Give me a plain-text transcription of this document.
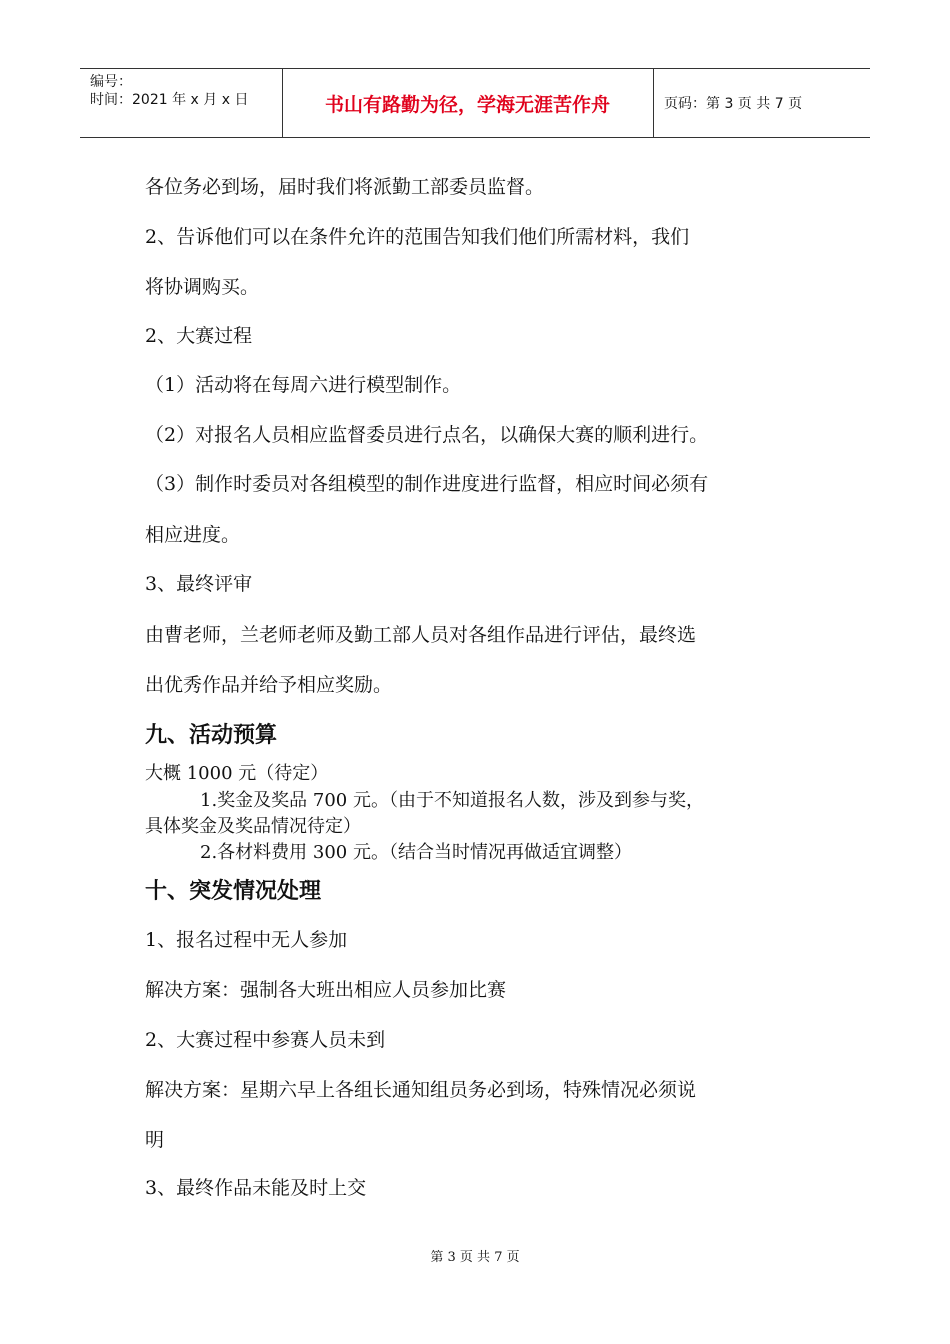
编号：
时间：2021 年 x 月 x 日	书山有路勤为径，学海无涯苦作舟	页码：第 3 页 共 7 页
各位务必到场，届时我们将派勤工部委员监督。
2、告诉他们可以在条件允许的范围告知我们他们所需材料，我们
将协调购买。
2、大赛过程
（1）活动将在每周六进行模型制作。
（2）对报名人员相应监督委员进行点名，以确保大赛的顺利进行。
（3）制作时委员对各组模型的制作进度进行监督，相应时间必须有
相应进度。
3、最终评审
由曹老师，兰老师老师及勤工部人员对各组作品进行评估，最终选
出优秀作品并给予相应奖励。
九、活动预算
大概 1000 元（待定）
1.奖金及奖品 700 元。（由于不知道报名人数，涉及到参与奖，
具体奖金及奖品情况待定）
2.各材料费用 300 元。（结合当时情况再做适宜调整）
十、突发情况处理
1、报名过程中无人参加
解决方案：强制各大班出相应人员参加比赛
2、大赛过程中参赛人员未到
解决方案：星期六早上各组长通知组员务必到场，特殊情况必须说
明
3、最终作品未能及时上交
第 3 页 共 7 页
